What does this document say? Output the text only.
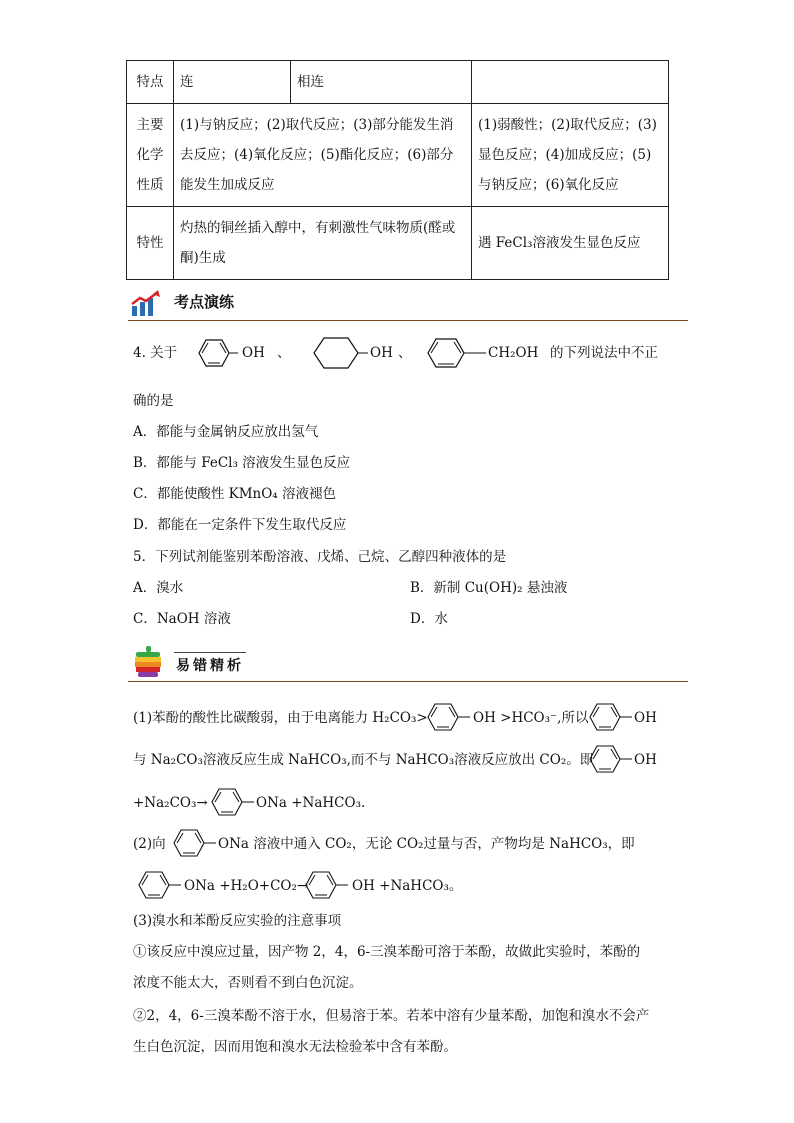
特点	连	相连	
主要化学性质	(1)与钠反应；(2)取代反应；(3)部分能发生消去反应；(4)氧化反应；(5)酯化反应；(6)部分能发生加成反应		(1)弱酸性；(2)取代反应；(3)显色反应；(4)加成反应；(5)与钠反应；(6)氧化反应
特性	灼热的铜丝插入醇中，有刺激性气味物质(醛或酮)生成		遇 FeCl₃溶液发生显色反应
考点演练
4. 关于	OH 、	OH 、	CH₂OH 的下列说法中不正
确的是
A．都能与金属钠反应放出氢气
B．都能与 FeCl₃ 溶液发生显色反应
C．都能使酸性 KMnO₄ 溶液褪色
D．都能在一定条件下发生取代反应
5．下列试剂能鉴别苯酚溶液、戊烯、己烷、乙醇四种液体的是
A．溴水	B．新制 Cu(OH)₂ 悬浊液
C．NaOH 溶液	D．水
易错精析
(1)苯酚的酸性比碳酸弱，由于电离能力 H₂CO₃>	OH >HCO₃⁻,所以	OH
与 Na₂CO₃溶液反应生成 NaHCO₃,而不与 NaHCO₃溶液反应放出 CO₂。即	OH
+Na₂CO₃→	ONa +NaHCO₃.
(2)向	ONa 溶液中通入 CO₂，无论 CO₂过量与否，产物均是 NaHCO₃，即
ONa +H₂O+CO₂→	OH +NaHCO₃。
(3)溴水和苯酚反应实验的注意事项
①该反应中溴应过量，因产物 2，4，6-三溴苯酚可溶于苯酚，故做此实验时，苯酚的
浓度不能太大，否则看不到白色沉淀。
②2，4，6-三溴苯酚不溶于水，但易溶于苯。若苯中溶有少量苯酚，加饱和溴水不会产
生白色沉淀，因而用饱和溴水无法检验苯中含有苯酚。
